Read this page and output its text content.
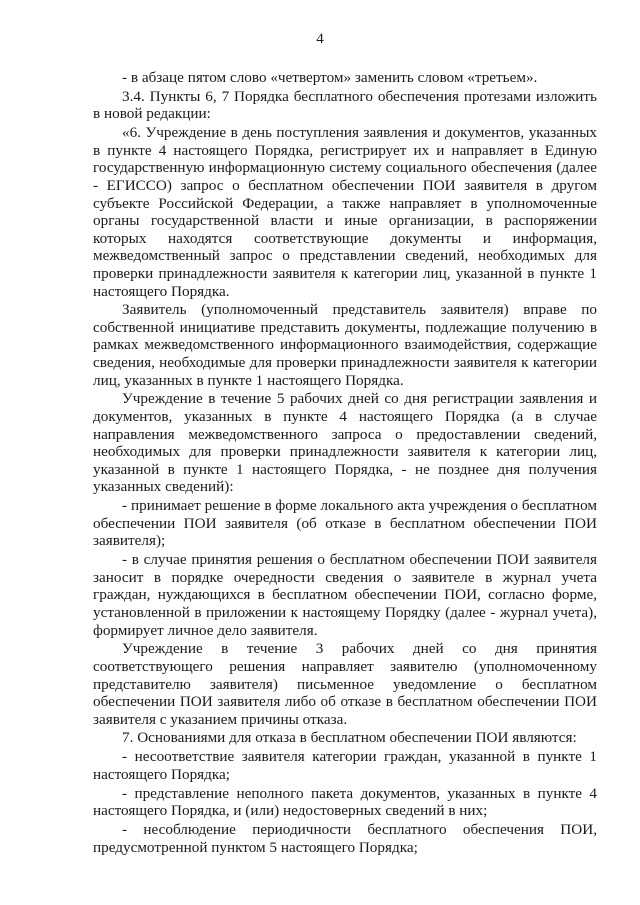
4

- в абзаце пятом слово «четвертом» заменить словом «третьем».

3.4. Пункты 6, 7 Порядка бесплатного обеспечения протезами изложить в новой редакции:

«6. Учреждение в день поступления заявления и документов, указанных в пункте 4 настоящего Порядка, регистрирует их и направляет в Единую государственную информационную систему социального обеспечения (далее - ЕГИССО) запрос о бесплатном обеспечении ПОИ заявителя в другом субъекте Российской Федерации, а также направляет в уполномоченные органы государственной власти и иные организации, в распоряжении которых находятся соответствующие документы и информация, межведомственный запрос о представлении сведений, необходимых для проверки принадлежности заявителя к категории лиц, указанной в пункте 1 настоящего Порядка.

Заявитель (уполномоченный представитель заявителя) вправе по собственной инициативе представить документы, подлежащие получению в рамках межведомственного информационного взаимодействия, содержащие сведения, необходимые для проверки принадлежности заявителя к категории лиц, указанных в пункте 1 настоящего Порядка.

Учреждение в течение 5 рабочих дней со дня регистрации заявления и документов, указанных в пункте 4 настоящего Порядка (а в случае направления межведомственного запроса о предоставлении сведений, необходимых для проверки принадлежности заявителя к категории лиц, указанной в пункте 1 настоящего Порядка, - не позднее дня получения указанных сведений):

- принимает решение в форме локального акта учреждения о бесплатном обеспечении ПОИ заявителя (об отказе в бесплатном обеспечении ПОИ заявителя);

- в случае принятия решения о бесплатном обеспечении ПОИ заявителя заносит в порядке очередности сведения о заявителе в журнал учета граждан, нуждающихся в бесплатном обеспечении ПОИ, согласно форме, установленной в приложении к настоящему Порядку (далее - журнал учета), формирует личное дело заявителя.

Учреждение в течение 3 рабочих дней со дня принятия соответствующего решения направляет заявителю (уполномоченному представителю заявителя) письменное уведомление о бесплатном обеспечении ПОИ заявителя либо об отказе в бесплатном обеспечении ПОИ заявителя с указанием причины отказа.

7. Основаниями для отказа в бесплатном обеспечении ПОИ являются:

- несоответствие заявителя категории граждан, указанной в пункте 1 настоящего Порядка;

- представление неполного пакета документов, указанных в пункте 4 настоящего Порядка, и (или) недостоверных сведений в них;

- несоблюдение периодичности бесплатного обеспечения ПОИ, предусмотренной пунктом 5 настоящего Порядка;
